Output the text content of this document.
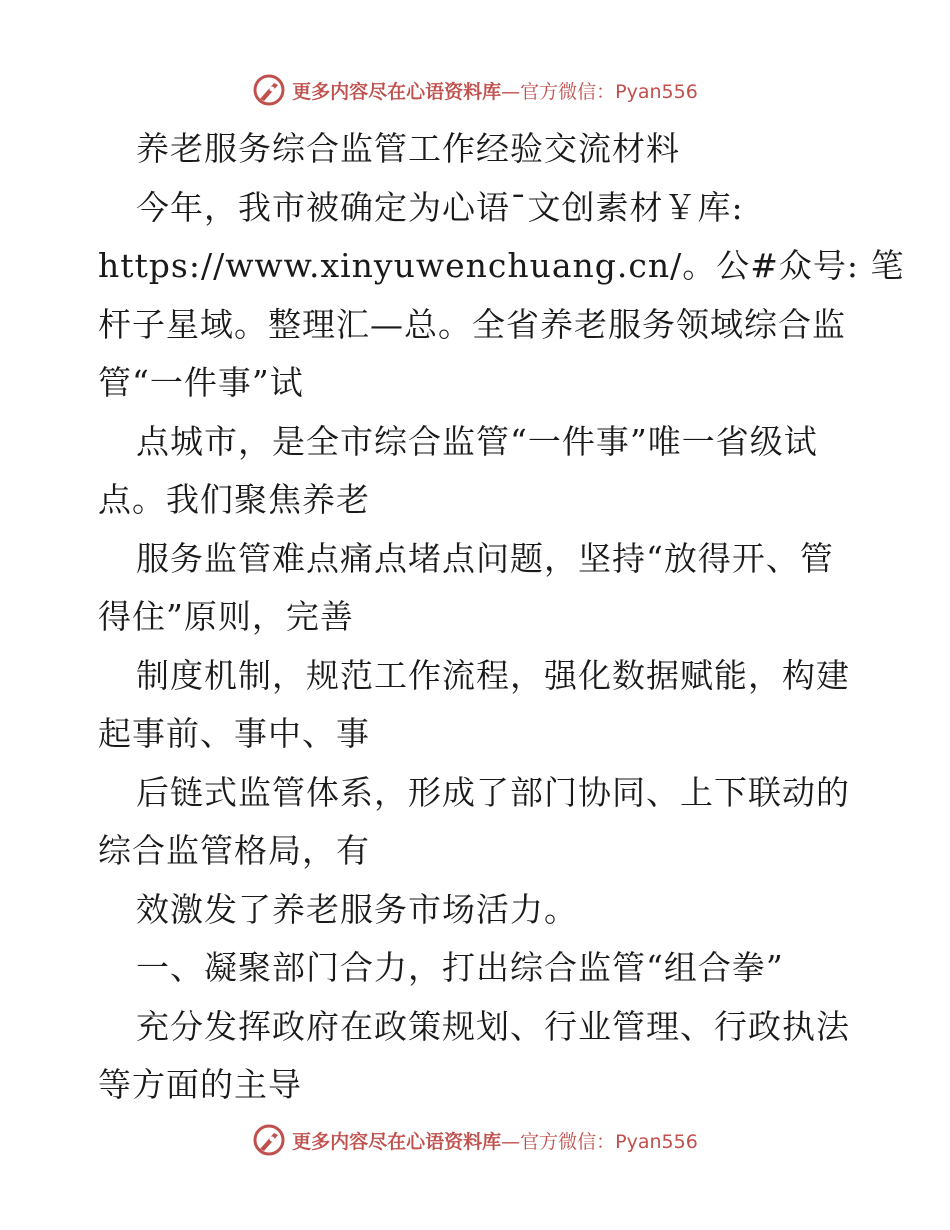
更多内容尽在心语资料库—官方微信：Pyan556
养老服务综合监管工作经验交流材料
今年，我市被确定为心语¯文创素材￥库:
https://www.xinyuwenchuang.cn/。公#众号: 笔
杆子星域。整理汇—总。全省养老服务领域综合监
管“一件事”试
点城市，是全市综合监管“一件事”唯一省级试
点。我们聚焦养老
服务监管难点痛点堵点问题，坚持“放得开、管
得住”原则，完善
制度机制，规范工作流程，强化数据赋能，构建
起事前、事中、事
后链式监管体系，形成了部门协同、上下联动的
综合监管格局，有
效激发了养老服务市场活力。
一、凝聚部门合力，打出综合监管“组合拳”
充分发挥政府在政策规划、行业管理、行政执法
等方面的主导
更多内容尽在心语资料库—官方微信：Pyan556
